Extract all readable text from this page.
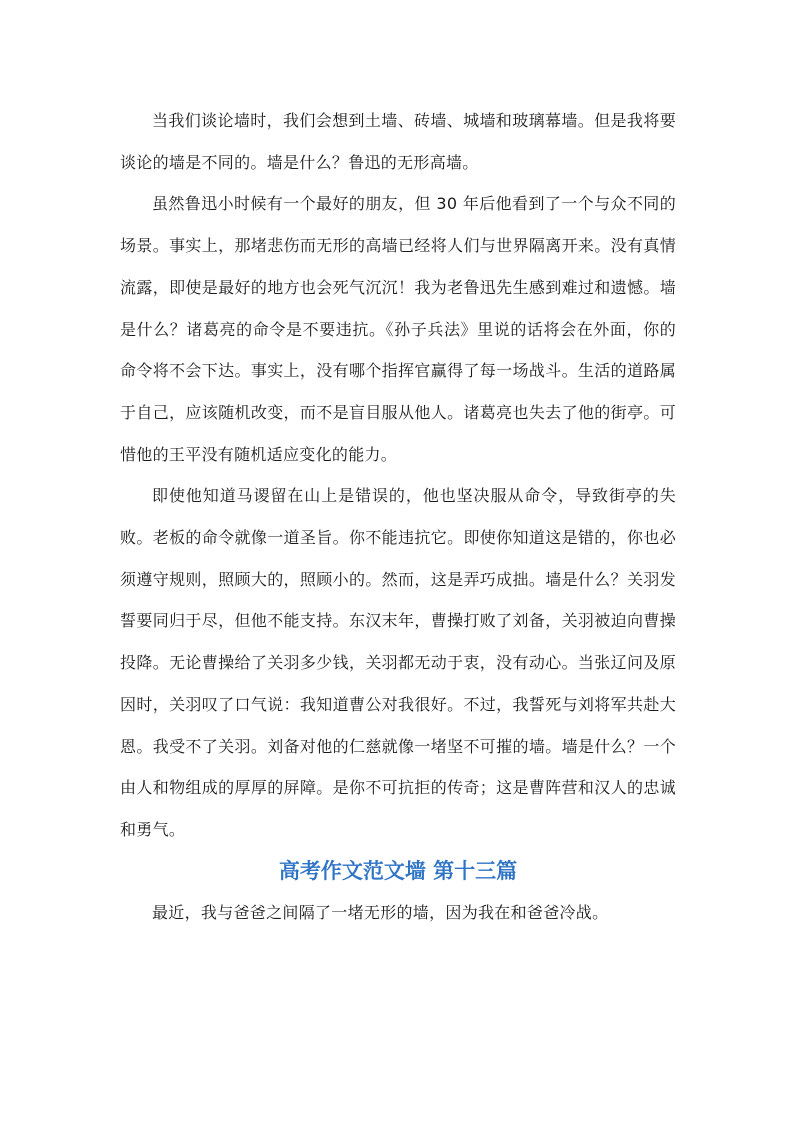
当我们谈论墙时，我们会想到土墙、砖墙、城墙和玻璃幕墙。但是我将要谈论的墙是不同的。墙是什么？鲁迅的无形高墙。

虽然鲁迅小时候有一个最好的朋友，但 30 年后他看到了一个与众不同的场景。事实上，那堵悲伤而无形的高墙已经将人们与世界隔离开来。没有真情流露，即使是最好的地方也会死气沉沉！我为老鲁迅先生感到难过和遗憾。墙是什么？诸葛亮的命令是不要违抗。《孙子兵法》里说的话将会在外面，你的命令将不会下达。事实上，没有哪个指挥官赢得了每一场战斗。生活的道路属于自己，应该随机改变，而不是盲目服从他人。诸葛亮也失去了他的街亭。可惜他的王平没有随机适应变化的能力。

即使他知道马谡留在山上是错误的，他也坚决服从命令，导致街亭的失败。老板的命令就像一道圣旨。你不能违抗它。即使你知道这是错的，你也必须遵守规则，照顾大的，照顾小的。然而，这是弄巧成拙。墙是什么？关羽发誓要同归于尽，但他不能支持。东汉末年，曹操打败了刘备，关羽被迫向曹操投降。无论曹操给了关羽多少钱，关羽都无动于衷，没有动心。当张辽问及原因时，关羽叹了口气说：我知道曹公对我很好。不过，我誓死与刘将军共赴大恩。我受不了关羽。刘备对他的仁慈就像一堵坚不可摧的墙。墙是什么？一个由人和物组成的厚厚的屏障。是你不可抗拒的传奇；这是曹阵营和汉人的忠诚和勇气。

高考作文范文墙 第十三篇

最近，我与爸爸之间隔了一堵无形的墙，因为我在和爸爸冷战。
